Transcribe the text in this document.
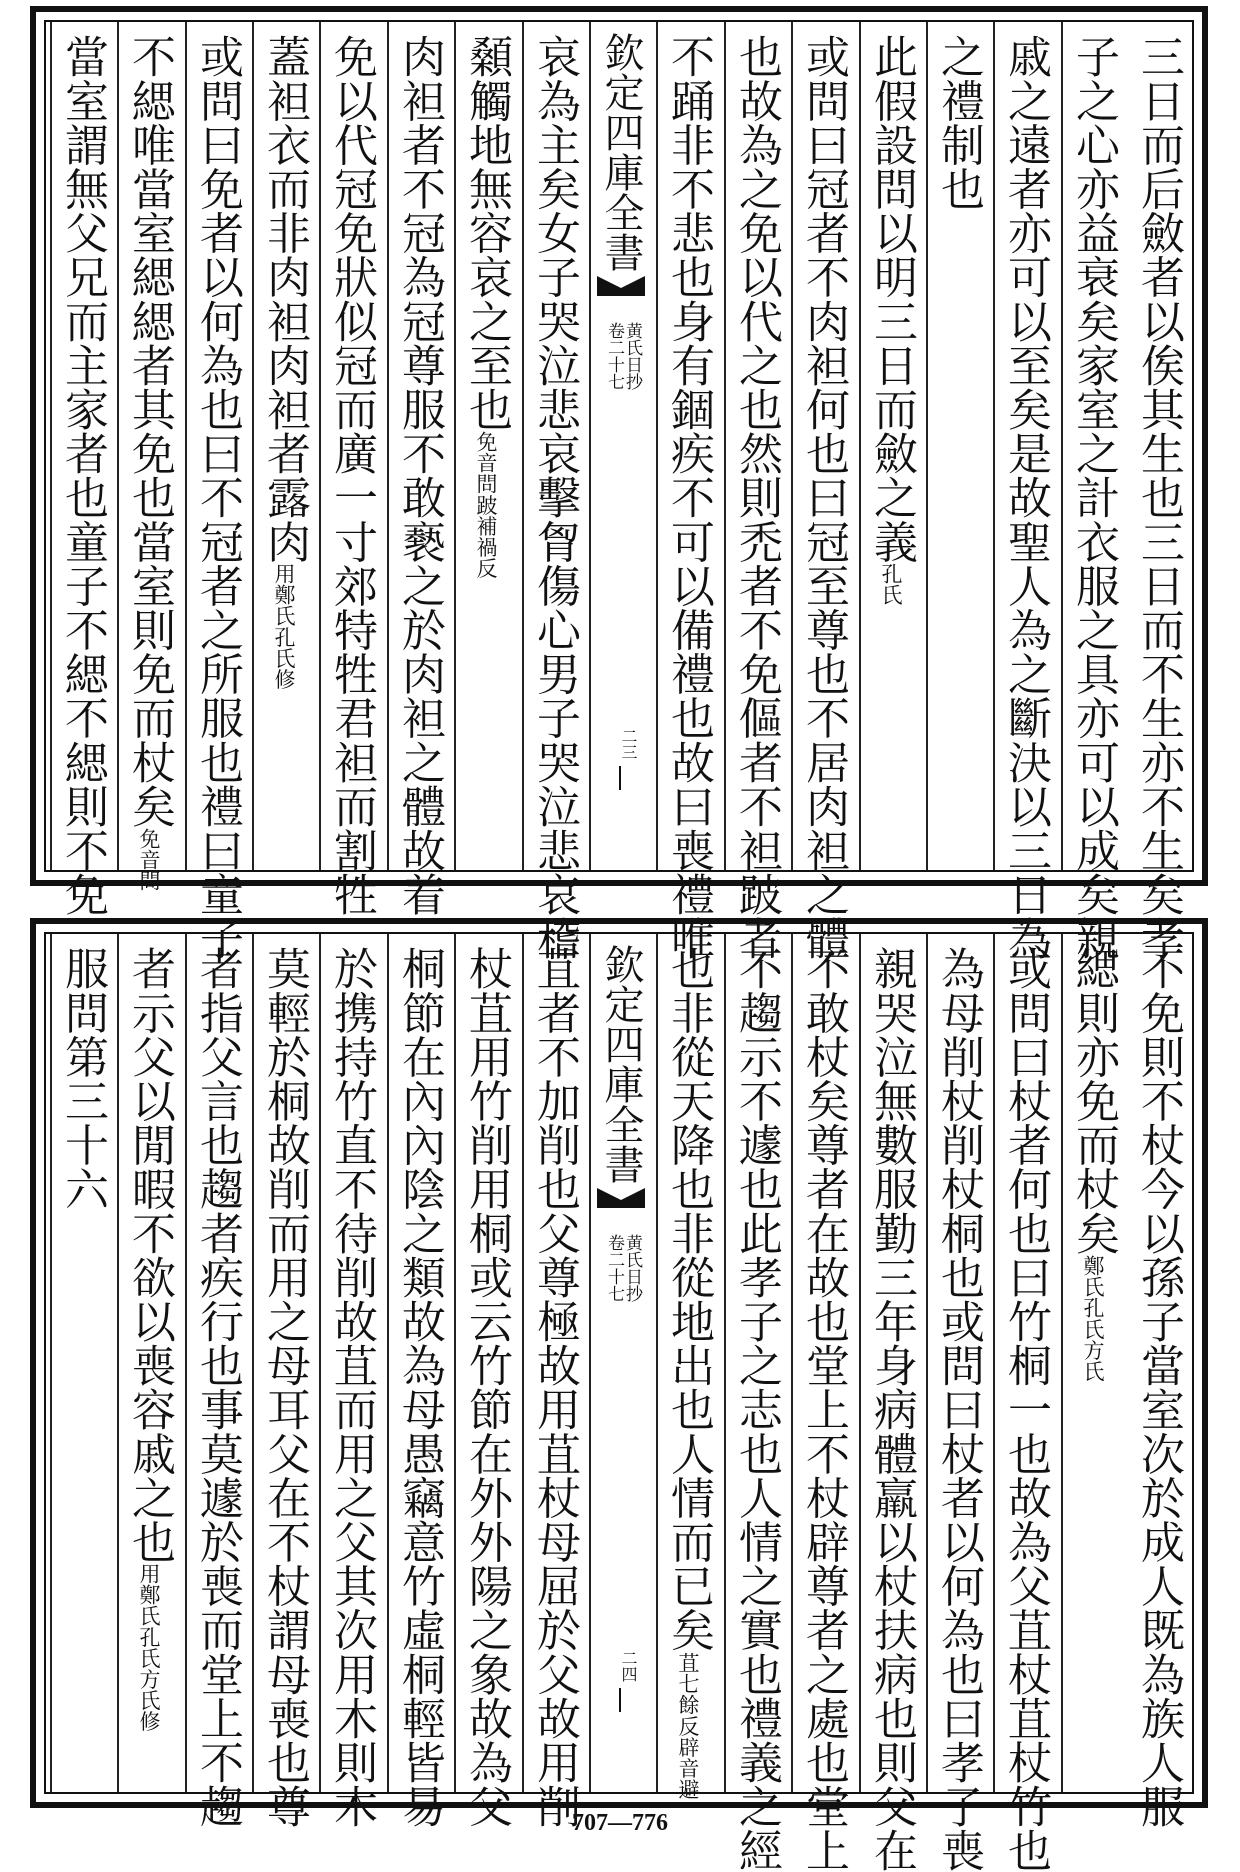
三日而后斂者以俟其生也三日而不生亦不生矣孝
子之心亦益衰矣家室之計衣服之具亦可以成矣親
戚之遠者亦可以至矣是故聖人為之斷決以三日為
之禮制也
此假設問以明三日而斂之義孔氏
或問曰冠者不肉袒何也曰冠至尊也不居肉袒之體
也故為之免以代之也然則禿者不免傴者不袒跛者
不踊非不悲也身有錮疾不可以備禮也故曰喪禮唯
欽定四庫全書
黄氏日抄
卷二十七
二三
哀為主矣女子哭泣悲哀擊胷傷心男子哭泣悲哀稽
顙觸地無容哀之至也免音問跛補禍反
肉袒者不冠為冠尊服不敢褻之於肉袒之體故着
免以代冠免狀似冠而廣一寸郊特牲君袒而割牲
蓋袒衣而非肉袒肉袒者露肉用鄭氏孔氏修
或問曰免者以何為也曰不冠者之所服也禮曰童子
不緦唯當室緦緦者其免也當室則免而杖矣免音問
當室謂無父兄而主家者也童子不緦不緦則不免
不免則不杖今以孫子當室次於成人既為族人服
緦則亦免而杖矣鄭氏孔氏方氏
或問曰杖者何也曰竹桐一也故為父苴杖苴杖竹也
為母削杖削杖桐也或問曰杖者以何為也曰孝子喪
親哭泣無數服勤三年身病體羸以杖扶病也則父在
不敢杖矣尊者在故也堂上不杖辟尊者之處也堂上
不趨示不遽也此孝子之志也人情之實也禮義之經
也非從天降也非從地出也人情而已矣苴七餘反辟音避
欽定四庫全書
黄氏日抄
卷二十七
二四
苴者不加削也父尊極故用苴杖母屈於父故用削
杖苴用竹削用桐或云竹節在外外陽之象故為父
桐節在內內陰之類故為母愚竊意竹虛桐輕皆易
於携持竹直不待削故苴而用之父其次用木則木
莫輕於桐故削而用之母耳父在不杖謂母喪也尊
者指父言也趨者疾行也事莫遽於喪而堂上不趨
者示父以閒暇不欲以喪容戚之也用鄭氏孔氏方氏修
服問第三十六
707—776
